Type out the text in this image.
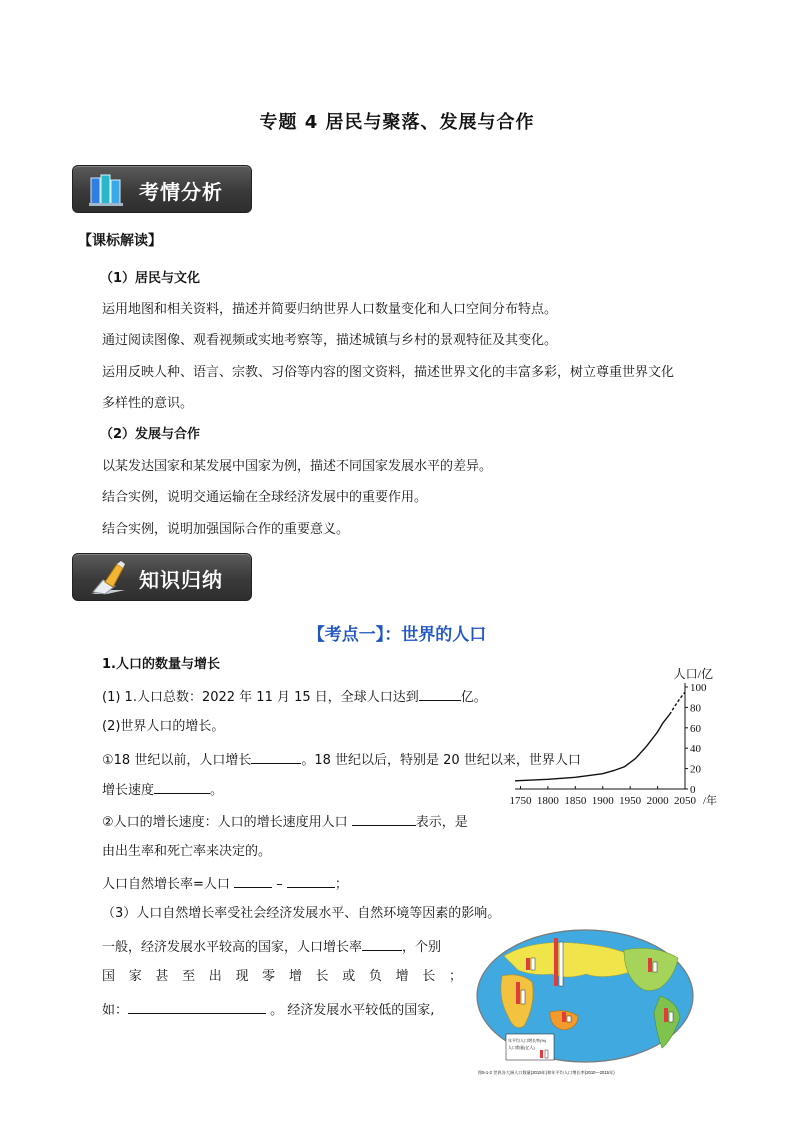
专题 4 居民与聚落、发展与合作
考情分析
【课标解读】
（1）居民与文化
运用地图和相关资料，描述并简要归纳世界人口数量变化和人口空间分布特点。
通过阅读图像、观看视频或实地考察等，描述城镇与乡村的景观特征及其变化。
运用反映人种、语言、宗教、习俗等内容的图文资料，描述世界文化的丰富多彩，树立尊重世界文化
多样性的意识。
（2）发展与合作
以某发达国家和某发展中国家为例，描述不同国家发展水平的差异。
结合实例，说明交通运输在全球经济发展中的重要作用。
结合实例，说明加强国际合作的重要意义。
知识归纳
【考点一】：世界的人口
1.人口的数量与增长
(1) 1.人口总数：2022 年 11 月 15 日，全球人口达到	亿。
(2)世界人口的增长。
①18 世纪以前，人口增长	。18 世纪以后，特别是 20 世纪以来，世界人口
增长速度	。
②人口的增长速度：人口的增长速度用人口	表示，是
由出生率和死亡率来决定的。
人口自然增长率=人口	–	；
（3）人口自然增长率受社会经济发展水平、自然环境等因素的影响。
一般，经济发展水平较高的国家，人口增长率	，个别
国 家 甚 至 出 现 零 增 长 或 负 增 长 ；
如：	。 经济发展水平较低的国家,
0
20
40
60
80
100
1750 1800 1850 1900 1950 2000 2050 /年
人口/亿
年平均人口增长率(%)
人口数量(亿人)
图5-1-2 世界各大洲人口数量(2015年)和年平均人口增长率(2010—2015年)
